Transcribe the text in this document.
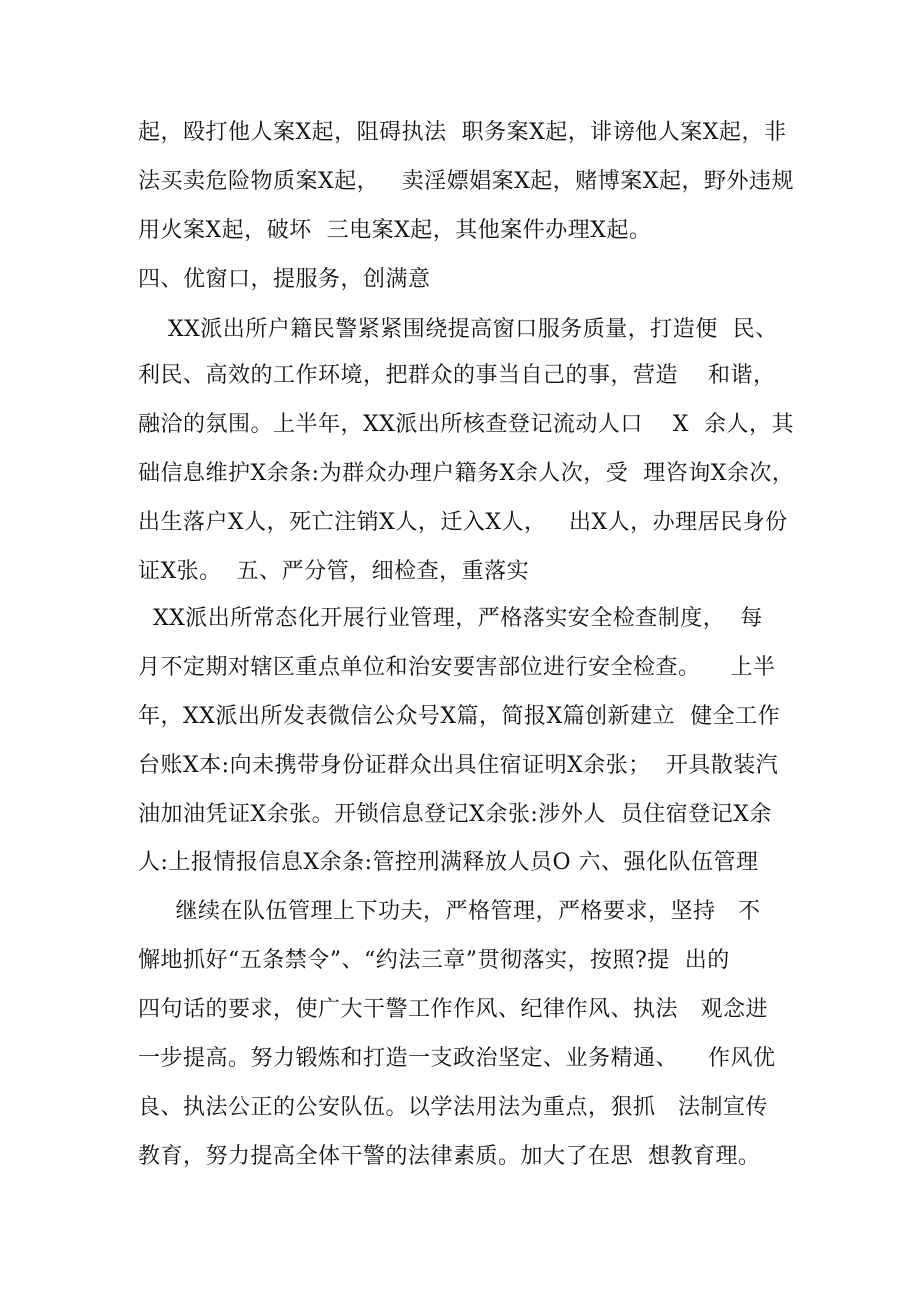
起，殴打他人案X起，阻碍执法  职务案X起，诽谤他人案X起，非
法买卖危险物质案X起，   卖淫嫖娼案X起，赌博案X起，野外违规
用火案X起，破坏  三电案X起，其他案件办理X起。
四、优窗口，提服务，创满意
XX派出所户籍民警紧紧围绕提高窗口服务质量，打造便  民、
利民、高效的工作环境，把群众的事当自己的事，营造    和谐，
融洽的氛围。上半年，XX派出所核查登记流动人口    X  余人，其
础信息维护X余条:为群众办理户籍务X余人次，受  理咨询X余次，
出生落户X人，死亡注销X人，迁入X人，   出X人，办理居民身份
证X张。  五、严分管，细检查，重落实
XX派出所常态化开展行业管理，严格落实安全检查制度，  每
月不定期对辖区重点单位和治安要害部位进行安全检查。    上半
年，XX派出所发表微信公众号X篇，简报X篇创新建立  健全工作
台账X本:向未携带身份证群众出具住宿证明X余张；  开具散装汽
油加油凭证X余张。开锁信息登记X余张:涉外人  员住宿登记X余
人:上报情报信息X余条:管控刑满释放人员O 六、强化队伍管理
继续在队伍管理上下功夫，严格管理，严格要求，坚持   不
懈地抓好“五条禁令”、“约法三章”贯彻落实，按照?提  出的
四句话的要求，使广大干警工作作风、纪律作风、执法   观念进
一步提高。努力锻炼和打造一支政治坚定、业务精通、    作风优
良、执法公正的公安队伍。以学法用法为重点，狠抓   法制宣传
教育，努力提高全体干警的法律素质。加大了在思  想教育理。
